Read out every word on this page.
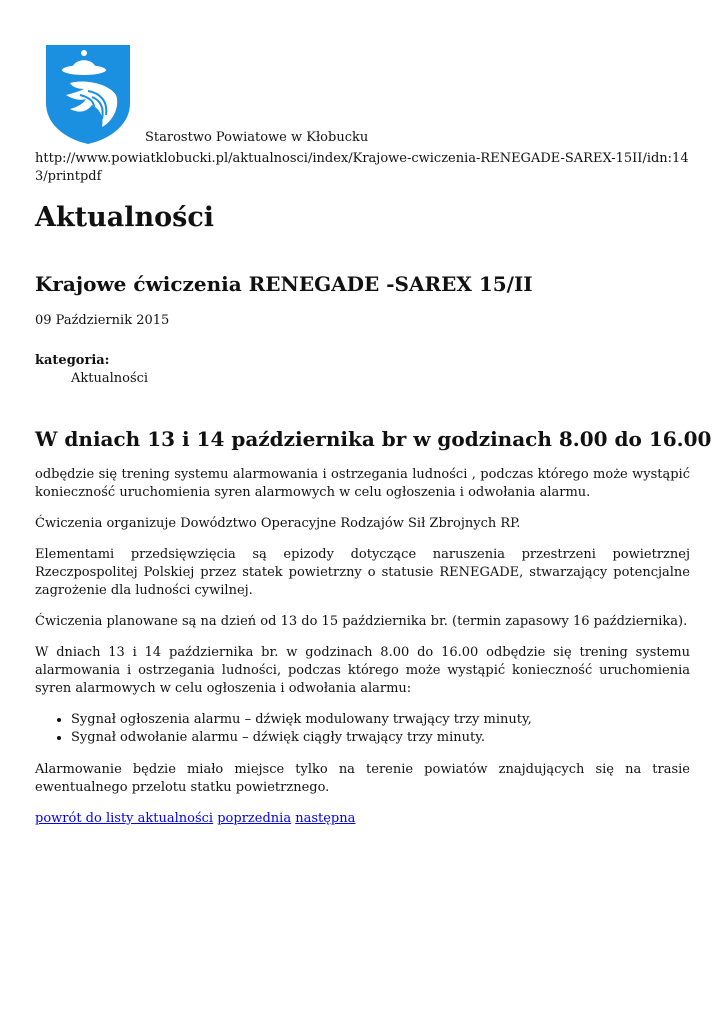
Starostwo Powiatowe w Kłobucku
http://www.powiatklobucki.pl/aktualnosci/index/Krajowe-cwiczenia-RENEGADE-SAREX-15II/idn:143/printpdf
Aktualności
Krajowe ćwiczenia RENEGADE -SAREX 15/II
09 Październik 2015
kategoria:
Aktualności
W dniach 13 i 14 października br w godzinach 8.00 do 16.00

odbędzie się trening systemu alarmowania i ostrzegania ludności , podczas którego może wystąpić konieczność uruchomienia syren alarmowych w celu ogłoszenia i odwołania alarmu.

Ćwiczenia organizuje Dowództwo Operacyjne Rodzajów Sił Zbrojnych RP.

Elementami przedsięwzięcia są epizody dotyczące naruszenia przestrzeni powietrznej Rzeczpospolitej Polskiej przez statek powietrzny o statusie RENEGADE, stwarzający potencjalne zagrożenie dla ludności cywilnej.

Ćwiczenia planowane są na dzień od 13 do 15 października br. (termin zapasowy 16 października).

W dniach 13 i 14 października br. w godzinach 8.00 do 16.00 odbędzie się trening systemu alarmowania i ostrzegania ludności, podczas którego może wystąpić konieczność uruchomienia syren alarmowych w celu ogłoszenia i odwołania alarmu:

• Sygnał ogłoszenia alarmu – dźwięk modulowany trwający trzy minuty,
• Sygnał odwołanie alarmu – dźwięk ciągły trwający trzy minuty.

Alarmowanie będzie miało miejsce tylko na terenie powiatów znajdujących się na trasie ewentualnego przelotu statku powietrznego.

powrót do listy aktualności poprzednia następna
